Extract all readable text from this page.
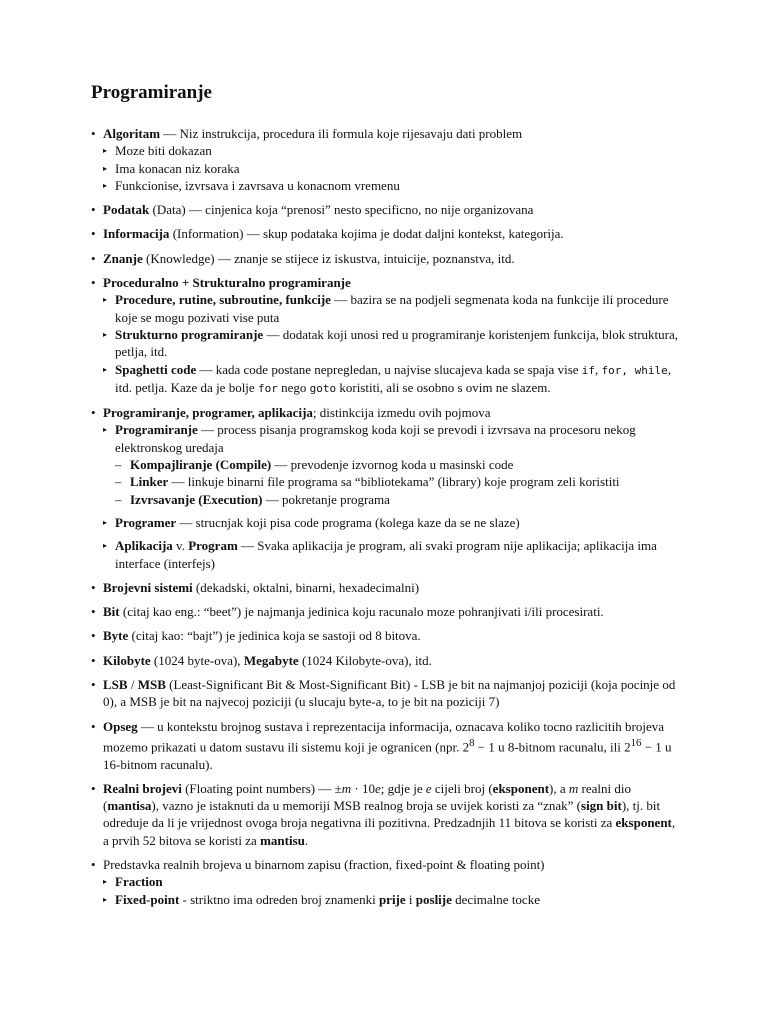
Programiranje
• Algoritam — Niz instrukcija, procedura ili formula koje rijesavaju dati problem
▸ Moze biti dokazan
▸ Ima konacan niz koraka
▸ Funkcionise, izvrsava i zavrsava u konacnom vremenu
• Podatak (Data) — cinjenica koja “prenosi” nesto specificno, no nije organizovana
• Informacija (Information) — skup podataka kojima je dodat daljni kontekst, kategorija.
• Znanje (Knowledge) — znanje se stijece iz iskustva, intuicije, poznanstva, itd.
• Proceduralno + Strukturalno programiranje
▸ Procedure, rutine, subroutine, funkcije — bazira se na podjeli segmenata koda na funkcije ili procedure koje se mogu pozivati vise puta
▸ Strukturno programiranje — dodatak koji unosi red u programiranje koristenjem funkcija, blok struktura, petlja, itd.
▸ Spaghetti code — kada code postane nepregledan, u najvise slucajeva kada se spaja vise if, for, while, itd. petlja. Kaze da je bolje for nego goto koristiti, ali se osobno s ovim ne slazem.
• Programiranje, programer, aplikacija; distinkcija izmedu ovih pojmova
▸ Programiranje — process pisanja programskog koda koji se prevodi i izvrsava na procesoru nekog elektronskog uredaja
– Kompajliranje (Compile) — prevodenje izvornog koda u masinski code
– Linker — linkuje binarni file programa sa “bibliotekama” (library) koje program zeli koristiti
– Izvrsavanje (Execution) — pokretanje programa
▸ Programer — strucnjak koji pisa code programa (kolega kaze da se ne slaze)
▸ Aplikacija v. Program — Svaka aplikacija je program, ali svaki program nije aplikacija; aplikacija ima interface (interfejs)
• Brojevni sistemi (dekadski, oktalni, binarni, hexadecimalni)
• Bit (citaj kao eng.: “beet”) je najmanja jedinica koju racunalo moze pohranjivati i/ili procesirati.
• Byte (citaj kao: “bajt”) je jedinica koja se sastoji od 8 bitova.
• Kilobyte (1024 byte-ova), Megabyte (1024 Kilobyte-ova), itd.
• LSB / MSB (Least-Significant Bit & Most-Significant Bit) - LSB je bit na najmanjoj poziciji (koja pocinje od 0), a MSB je bit na najvecoj poziciji (u slucaju byte-a, to je bit na poziciji 7)
• Opseg — u kontekstu brojnog sustava i reprezentacija informacija, oznacava koliko tocno razlicitih brojeva mozemo prikazati u datom sustavu ili sistemu koji je ogranicen (npr. $2^8 - 1$ u 8-bitnom racunalu, ili $2^{16} - 1$ u 16-bitnom racunalu).
• Realni brojevi (Floating point numbers) — ±m · 10e; gdje je e cijeli broj (eksponent), a m realni dio (mantisa), vazno je istaknuti da u memoriji MSB realnog broja se uvijek koristi za “znak” (sign bit), tj. bit odreduje da li je vrijednost ovoga broja negativna ili pozitivna. Predzadnjih 11 bitova se koristi za eksponent, a prvih 52 bitova se koristi za mantisu.
• Predstavka realnih brojeva u binarnom zapisu (fraction, fixed-point & floating point)
▸ Fraction
▸ Fixed-point - striktno ima odreden broj znamenki prije i poslije decimalne tocke
